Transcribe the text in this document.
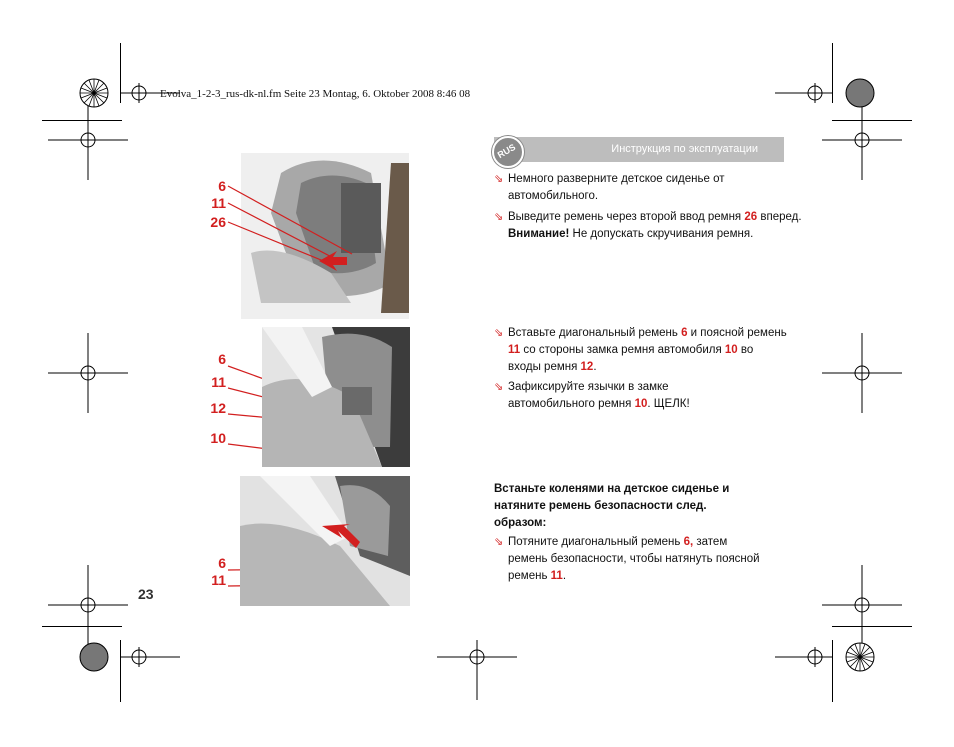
Evolva_1-2-3_rus-dk-nl.fm Seite 23 Montag, 6. Oktober 2008 8:46 08
Инструкция по эксплуатации
RUS
6
11
26
6
11
12
10
6
11
⇘ Немного разверните детское сиденье от автомобильного.
⇘ Выведите ремень через второй ввод ремня 26 вперед.
Внимание! Не допускать скручивания ремня.
⇘ Вставьте диагональный ремень 6 и поясной ремень 11 со стороны замка ремня автомобиля 10 во входы ремня 12.
⇘ Зафиксируйте язычки в замке автомобильного ремня 10. ЩЕЛК!
Встаньте коленями на детское сиденье и натяните ремень безопасности след. образом:
⇘ Потяните диагональный ремень 6, затем ремень безопасности, чтобы натянуть поясной ремень 11.
23
